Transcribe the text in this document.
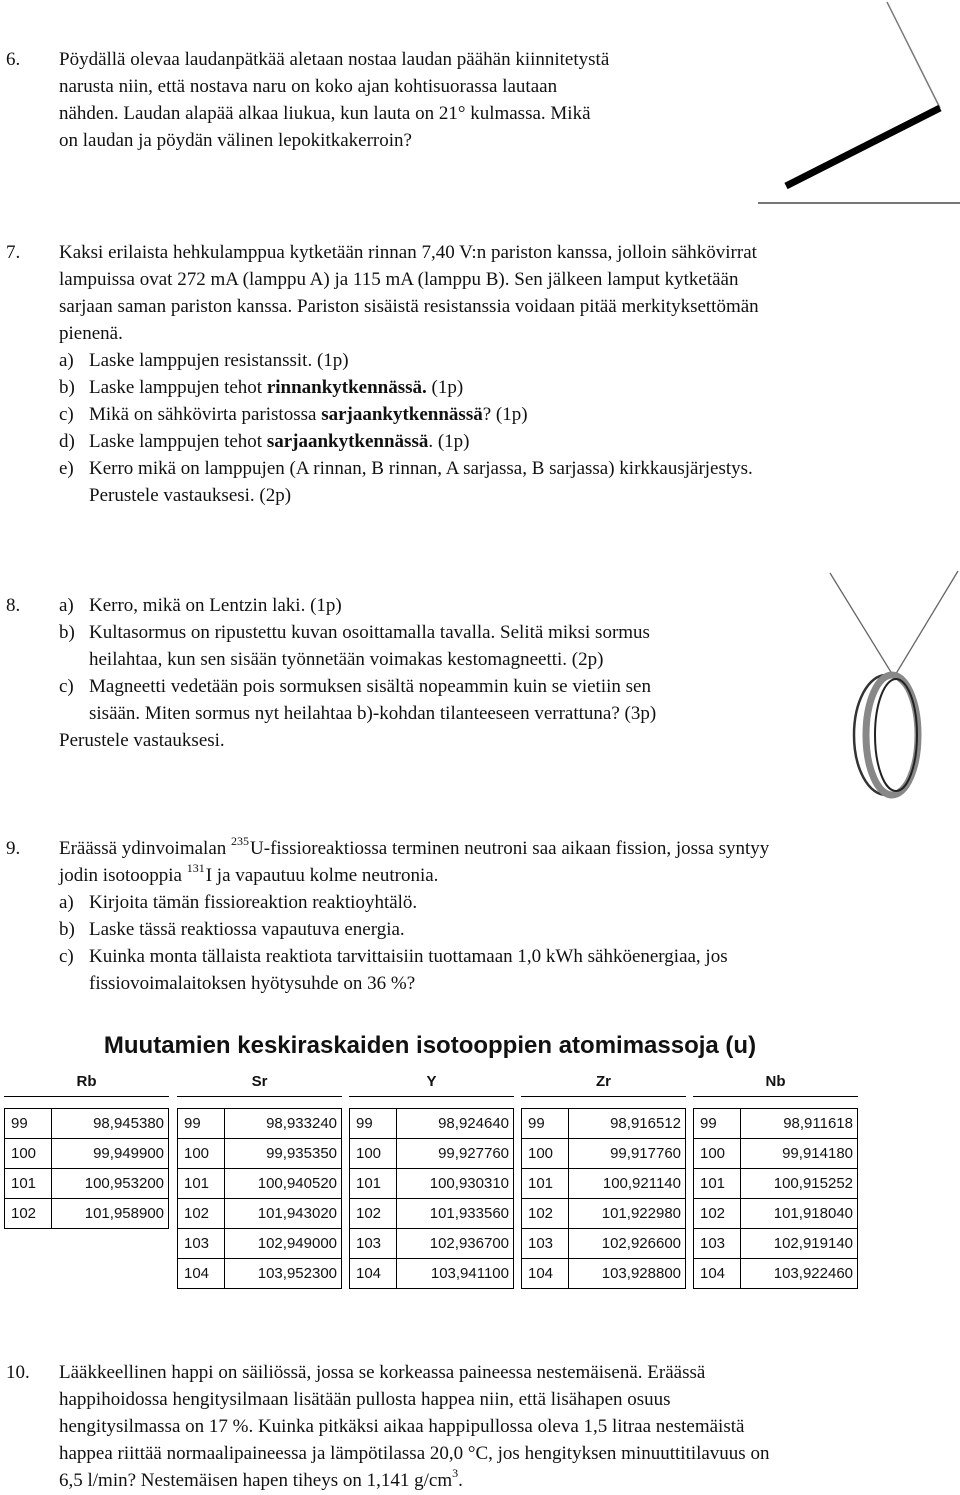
6. Pöydällä olevaa laudanpätkää aletaan nostaa laudan päähän kiinnitetystä
narusta niin, että nostava naru on koko ajan kohtisuorassa lautaan
nähden. Laudan alapää alkaa liukua, kun lauta on 21° kulmassa. Mikä
on laudan ja pöydän välinen lepokitkakerroin?
7. Kaksi erilaista hehkulamppua kytketään rinnan 7,40 V:n pariston kanssa, jolloin sähkövirrat
lampuissa ovat 272 mA (lamppu A) ja 115 mA (lamppu B). Sen jälkeen lamput kytketään
sarjaan saman pariston kanssa. Pariston sisäistä resistanssia voidaan pitää merkityksettömän
pienenä.
a) Laske lamppujen resistanssit. (1p)
b) Laske lamppujen tehot rinnankytkennässä. (1p)
c) Mikä on sähkövirta paristossa sarjaankytkennässä? (1p)
d) Laske lamppujen tehot sarjaankytkennässä. (1p)
e) Kerro mikä on lamppujen (A rinnan, B rinnan, A sarjassa, B sarjassa) kirkkausjärjestys.
Perustele vastauksesi. (2p)
8. a) Kerro, mikä on Lentzin laki. (1p)
b) Kultasormus on ripustettu kuvan osoittamalla tavalla. Selitä miksi sormus
heilahtaa, kun sen sisään työnnetään voimakas kestomagneetti. (2p)
c) Magneetti vedetään pois sormuksen sisältä nopeammin kuin se vietiin sen
sisään. Miten sormus nyt heilahtaa b)-kohdan tilanteeseen verrattuna? (3p)
Perustele vastauksesi.
9. Eräässä ydinvoimalan $^{235}$U-fissioreaktiossa terminen neutroni saa aikaan fission, jossa syntyy
jodin isotooppia $^{131}$I ja vapautuu kolme neutronia.
a) Kirjoita tämän fissioreaktion reaktioyhtälö.
b) Laske tässä reaktiossa vapautuva energia.
c) Kuinka monta tällaista reaktiota tarvittaisiin tuottamaan 1,0 kWh sähköenergiaa, jos
fissiovoimalaitoksen hyötysuhde on 36 %?
Muutamien keskiraskaiden isotooppien atomimassoja (u)
Rb
99	98,945380
100	99,949900
101	100,953200
102	101,958900
Sr
99	98,933240
100	99,935350
101	100,940520
102	101,943020
103	102,949000
104	103,952300
Y
99	98,924640
100	99,927760
101	100,930310
102	101,933560
103	102,936700
104	103,941100
Zr
99	98,916512
100	99,917760
101	100,921140
102	101,922980
103	102,926600
104	103,928800
Nb
99	98,911618
100	99,914180
101	100,915252
102	101,918040
103	102,919140
104	103,922460
10. Lääkkeellinen happi on säiliössä, jossa se korkeassa paineessa nestemäisenä. Eräässä
happihoidossa hengitysilmaan lisätään pullosta happea niin, että lisähapen osuus
hengitysilmassa on 17 %. Kuinka pitkäksi aikaa happipullossa oleva 1,5 litraa nestemäistä
happea riittää normaalipaineessa ja lämpötilassa 20,0 °C, jos hengityksen minuuttitilavuus on
6,5 l/min? Nestemäisen hapen tiheys on 1,141 $g/cm^3$.
